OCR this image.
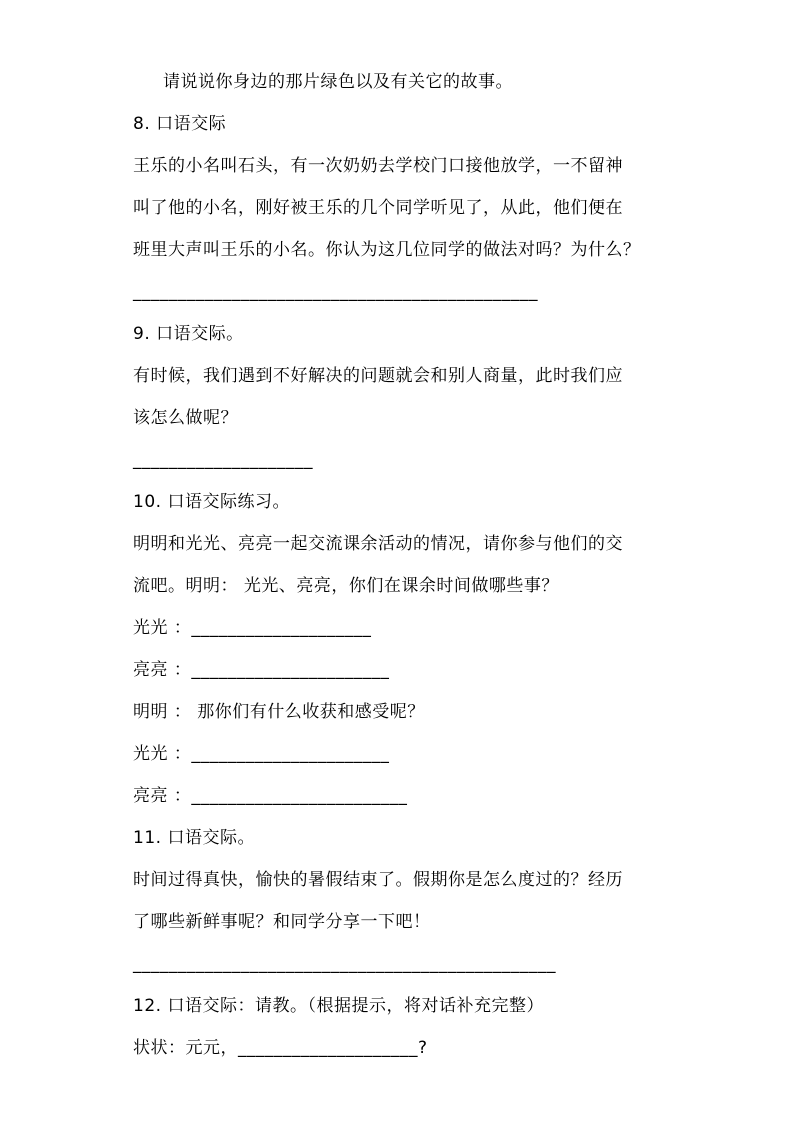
请说说你身边的那片绿色以及有关它的故事。
8. 口语交际
王乐的小名叫石头，有一次奶奶去学校门口接他放学，一不留神
叫了他的小名，刚好被王乐的几个同学听见了，从此，他们便在
班里大声叫王乐的小名。你认为这几位同学的做法对吗？为什么？
_____________________________________________
9. 口语交际。
有时候，我们遇到不好解决的问题就会和别人商量，此时我们应
该怎么做呢？
____________________
10. 口语交际练习。
明明和光光、亮亮一起交流课余活动的情况，请你参与他们的交
流吧。明明： 光光、亮亮，你们在课余时间做哪些事？
光光 ：____________________
亮亮 ：______________________
明明 ： 那你们有什么收获和感受呢？
光光 ：______________________
亮亮 ：________________________
11. 口语交际。
时间过得真快，愉快的暑假结束了。假期你是怎么度过的？经历
了哪些新鲜事呢？和同学分享一下吧！
_______________________________________________
12. 口语交际：请教。（根据提示，将对话补充完整）
状状：元元，____________________?
